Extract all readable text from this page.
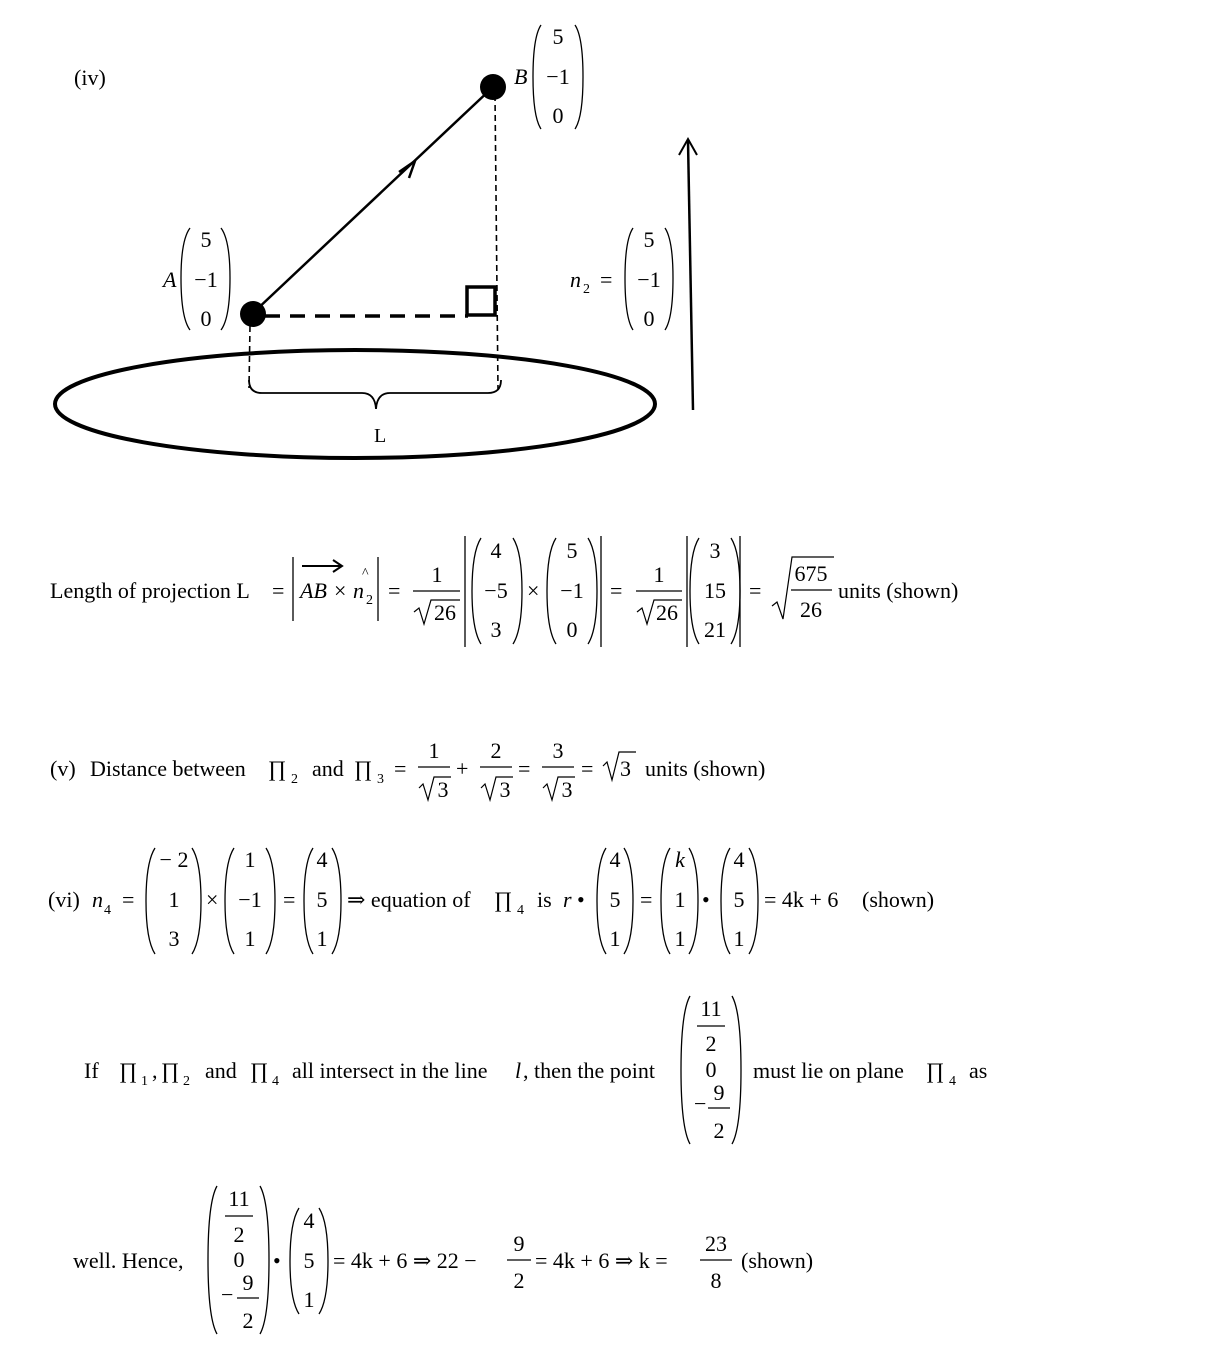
(iv)
L
A
5
−1
0
B
5
−1
0
n 2 =
5
−1
0
Length of projection L = AB × n
^
2 =
1
26
4
−5
3
×
5
−1
0
=
1
26
3
15
21
=
675
26
units (shown)
(v) Distance between ∏ 2 and ∏ 3 =
1
3
+
2
3
=
3
3
= 3 units (shown)
(vi) n 4 =
− 2
1
3
×
1
−1
1
=
4
5
1
⇒ equation of ∏ 4 is r •
4
5
1
=
k
1
1
•
4
5
1
= 4k + 6 (shown)
If ∏ 1 , ∏ 2 and ∏ 4 all intersect in the line l , then the point
11
2
0
− 9
2
must lie on plane ∏ 4 as
well. Hence,
11
2
0
− 9
2
•
4
5
1
= 4k + 6 ⇒ 22 −
9
2
= 4k + 6 ⇒ k =
23
8
(shown)
